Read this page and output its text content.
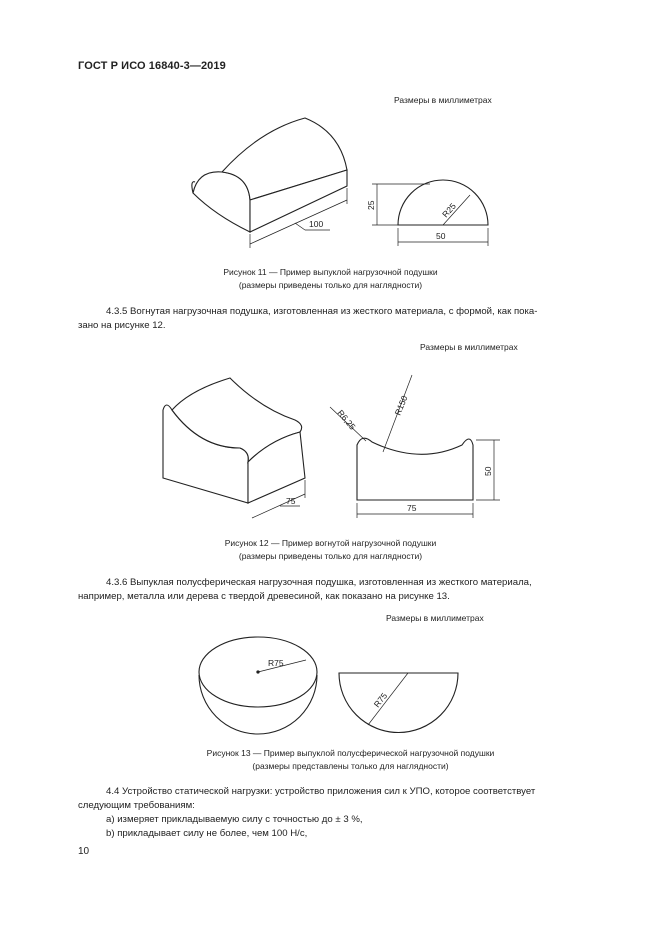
ГОСТ Р ИСО 16840-3—2019
Размеры в миллиметрах
100
25	R25
50
Рисунок 11 — Пример выпуклой нагрузочной подушки
(размеры приведены только для наглядности)
4.3.5 Вогнутая нагрузочная подушка, изготовленная из жесткого материала, с формой, как пока-
зано на рисунке 12.
Размеры в миллиметрах
75
R6,25
R150
50
75
Рисунок 12 — Пример вогнутой нагрузочной подушки
(размеры приведены только для наглядности)
4.3.6 Выпуклая полусферическая нагрузочная подушка, изготовленная из жесткого материала,
например, металла или дерева с твердой древесиной, как показано на рисунке 13.
Размеры в миллиметрах
R75
R75
Рисунок 13 — Пример выпуклой полусферической нагрузочной подушки
(размеры представлены только для наглядности)
4.4 Устройство статической нагрузки: устройство приложения сил к УПО, которое соответствует
следующим требованиям:
a) измеряет прикладываемую силу с точностью до ± 3 %,
b) прикладывает силу не более, чем 100 Н/с,
10
